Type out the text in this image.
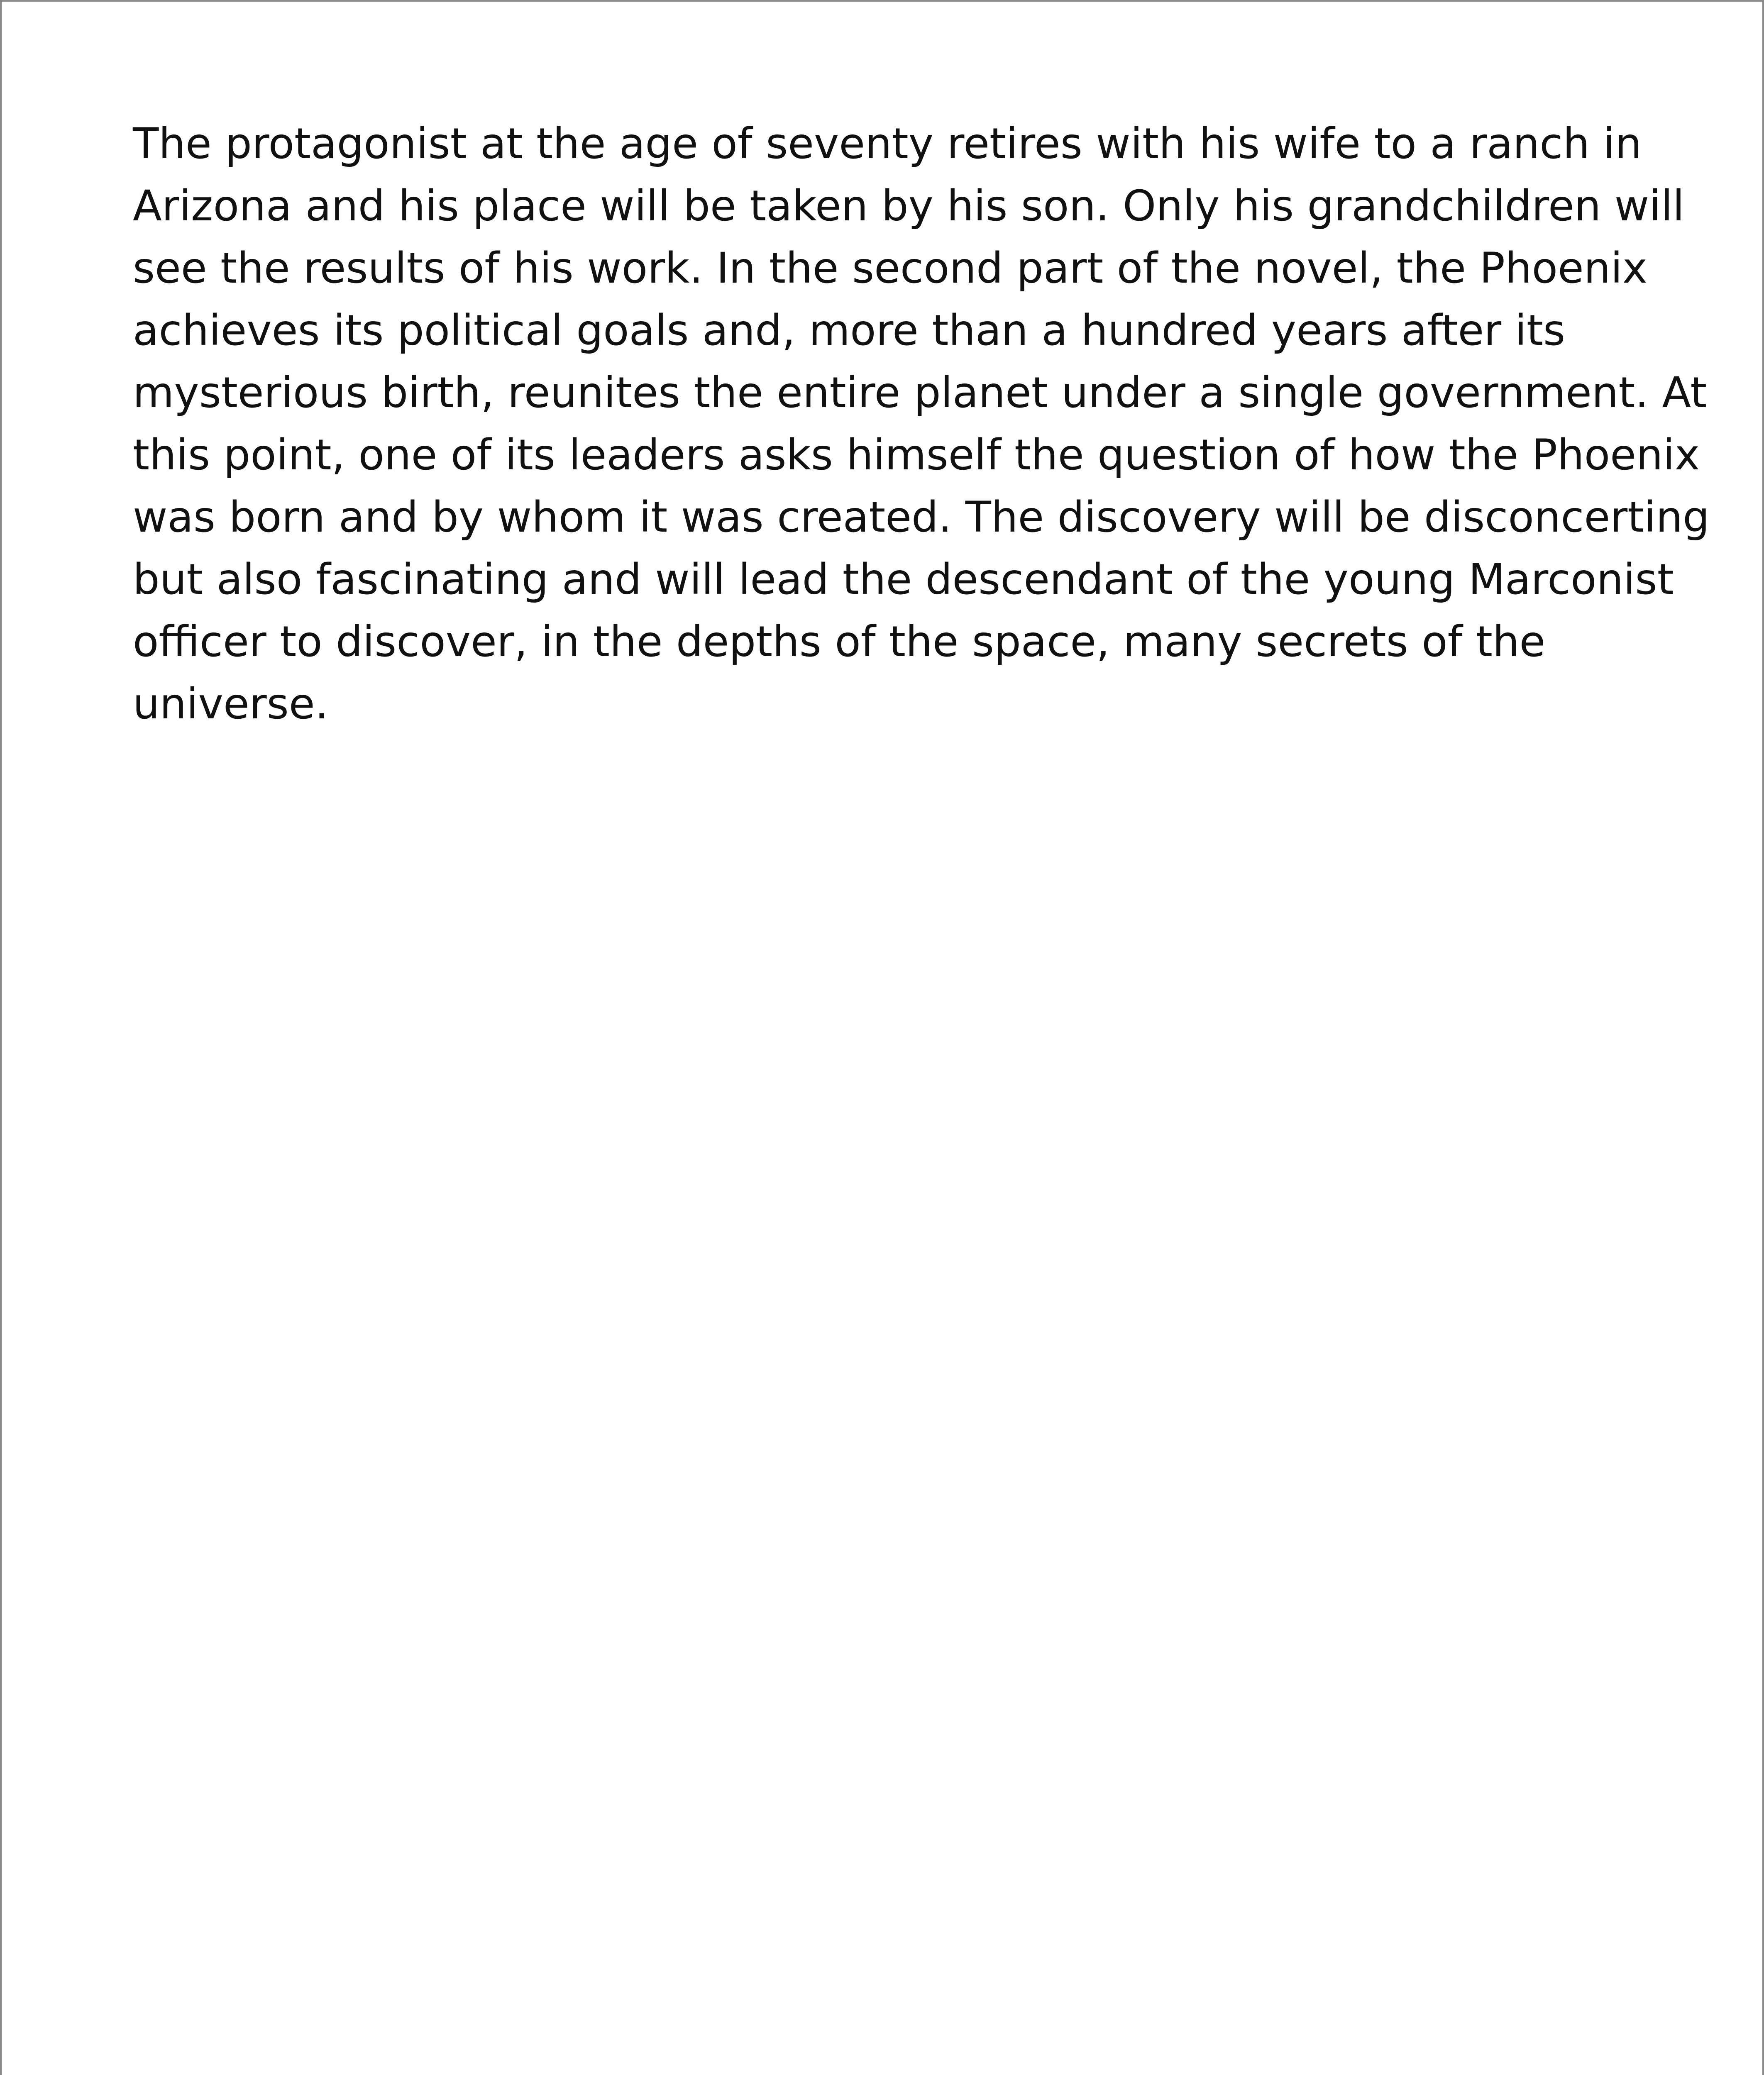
The protagonist at the age of seventy retires with his wife to a ranch in
Arizona and his place will be taken by his son. Only his grandchildren will
see the results of his work. In the second part of the novel, the Phoenix
achieves its political goals and, more than a hundred years after its
mysterious birth, reunites the entire planet under a single government. At
this point, one of its leaders asks himself the question of how the Phoenix
was born and by whom it was created. The discovery will be disconcerting
but also fascinating and will lead the descendant of the young Marconist
officer to discover, in the depths of the space, many secrets of the
universe.
